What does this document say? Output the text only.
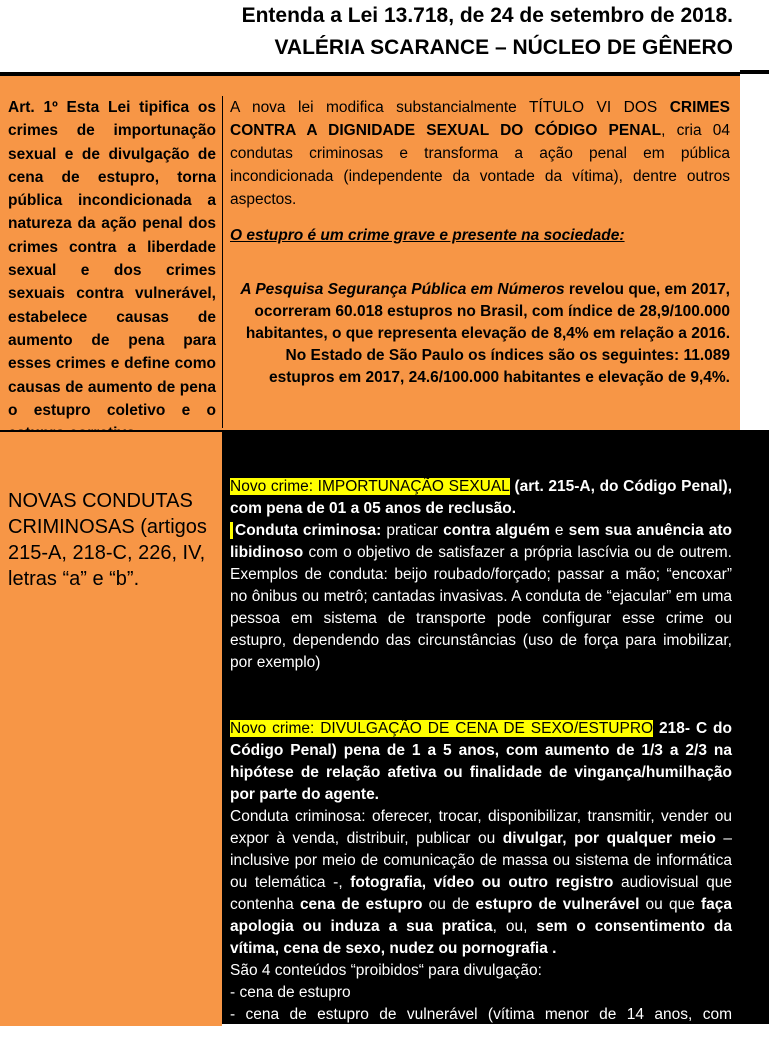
Entenda a Lei 13.718, de 24 de setembro de 2018.
VALÉRIA SCARANCE – NÚCLEO DE GÊNERO
Art. 1º Esta Lei tipifica os crimes de importunação sexual e de divulgação de cena de estupro, torna pública incondicionada a natureza da ação penal dos crimes contra a liberdade sexual e dos crimes sexuais contra vulnerável, estabelece causas de aumento de pena para esses crimes e define como causas de aumento de pena o estupro coletivo e o
A nova lei modifica substancialmente TÍTULO VI DOS CRIMES CONTRA A DIGNIDADE SEXUAL DO CÓDIGO PENAL, cria 04 condutas criminosas e transforma a ação penal em pública incondicionada (independente da vontade da vítima), dentre outros aspectos.
O estupro é um crime grave e presente na sociedade:
A Pesquisa Segurança Pública em Números revelou que, em 2017, ocorreram 60.018 estupros no Brasil, com índice de 28,9/100.000 habitantes, o que representa elevação de 8,4% em relação a 2016. No Estado de São Paulo os índices são os seguintes: 11.089 estupros em 2017, 24.6/100.000 habitantes e elevação de 9,4%.
NOVAS CONDUTAS CRIMINOSAS (artigos 215-A, 218-C, 226, IV, letras “a” e “b”.
Novo crime: IMPORTUNAÇÃO SEXUAL (art. 215-A, do Código Penal), com pena de 01 a 05 anos de reclusão.
Conduta criminosa: praticar contra alguém e sem sua anuência ato libidinoso com o objetivo de satisfazer a própria lascívia ou de outrem. Exemplos de conduta: beijo roubado/forçado; passar a mão; “encoxar” no ônibus ou metrô; cantadas invasivas. A conduta de “ejacular” em uma pessoa em sistema de transporte pode configurar esse crime ou estupro, dependendo das circunstâncias (uso de força para imobilizar, por exemplo)
Novo crime: DIVULGAÇÃO DE CENA DE SEXO/ESTUPRO 218- C do Código Penal) pena de 1 a 5 anos, com aumento de 1/3 a 2/3 na hipótese de relação afetiva ou finalidade de vingança/humilhação por parte do agente.
Conduta criminosa: oferecer, trocar, disponibilizar, transmitir, vender ou expor à venda, distribuir, publicar ou divulgar, por qualquer meio – inclusive por meio de comunicação de massa ou sistema de informática ou telemática -, fotografia, vídeo ou outro registro audiovisual que contenha cena de estupro ou de estupro de vulnerável ou que faça apologia ou induza a sua pratica, ou, sem o consentimento da vítima, cena de sexo, nudez ou pornografia .
São 4 conteúdos “proibidos“ para divulgação:
- cena de estupro
- cena de estupro de vulnerável (vítima menor de 14 anos, com enfermidade ou doença mental ou que não pode oferecer resistência)
